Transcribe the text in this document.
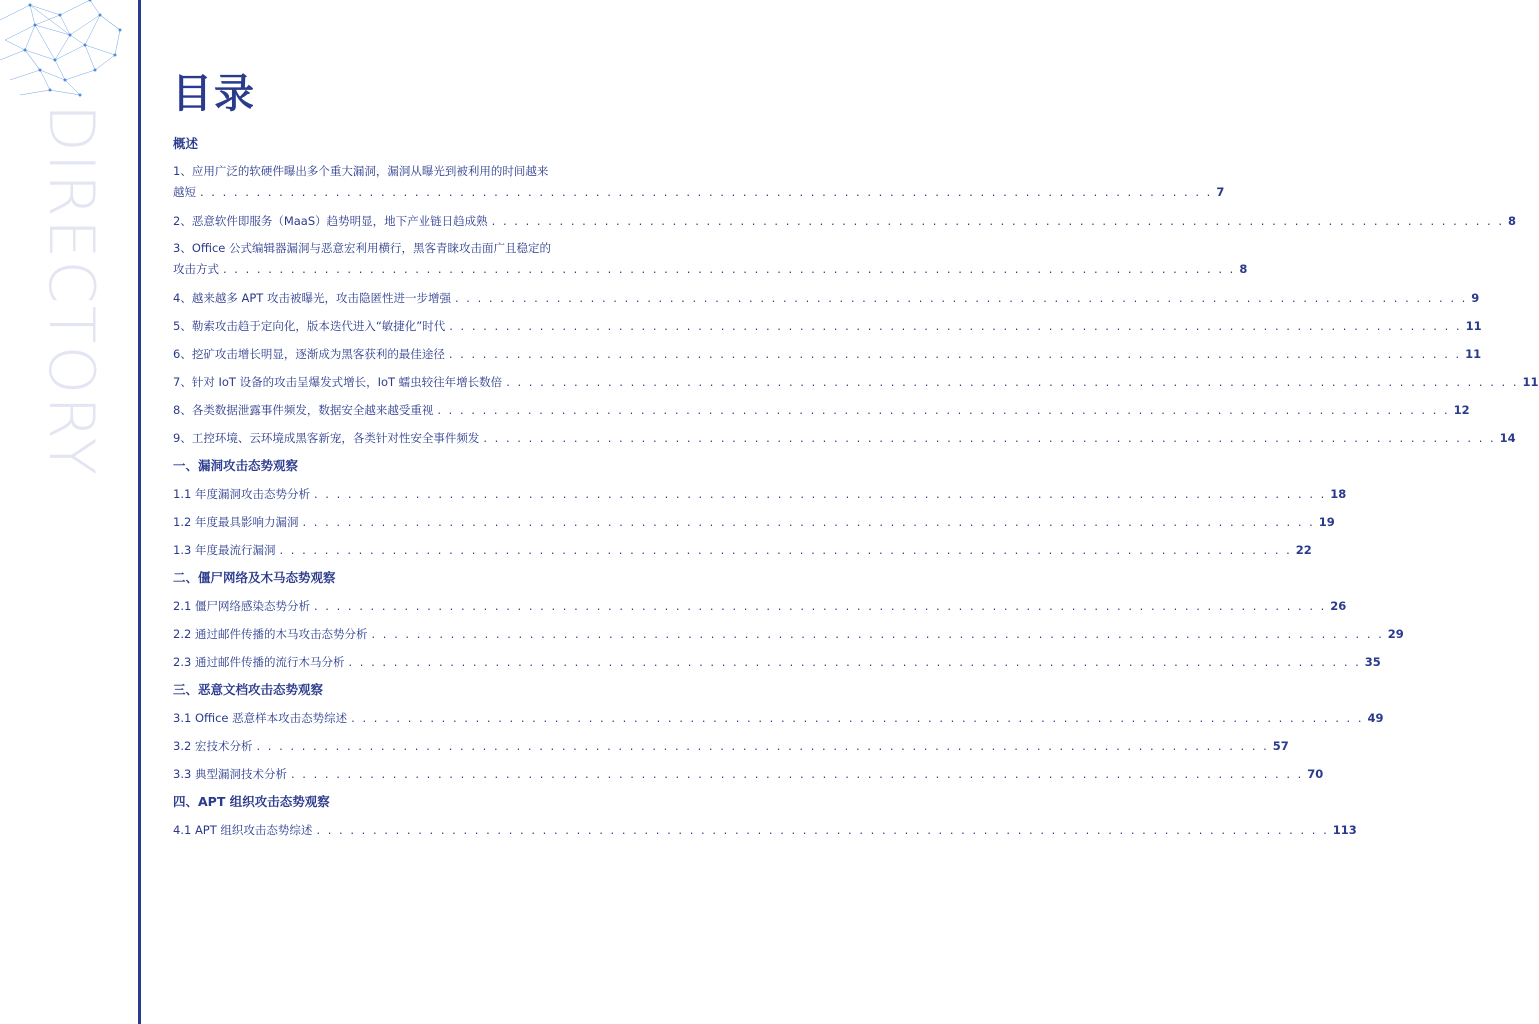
DIRECTORY
目录
概述
1、应用广泛的软硬件曝出多个重大漏洞，漏洞从曝光到被利用的时间越来
越短 . . . . . . . . . . . . . . . . . . . . . . . . . . . . . . . . . . . . . . . . . . . . . . . . . . . . . . . . . . . . . . . . . . . . . . . . . . . . . . . . . . . . . . . . . . 7
2、恶意软件即服务（MaaS）趋势明显，地下产业链日趋成熟 . . . . . . . . . . . . . . . . . . . . . . . . . . . . . . . . . . . . . . . . . . . . . . . . . . . . . . . . . . . . . . . . . . . . . . . . . . . . . . . . . . . . . . . . . . 8
3、Office 公式编辑器漏洞与恶意宏利用横行，黑客青睐攻击面广且稳定的
攻击方式 . . . . . . . . . . . . . . . . . . . . . . . . . . . . . . . . . . . . . . . . . . . . . . . . . . . . . . . . . . . . . . . . . . . . . . . . . . . . . . . . . . . . . . . . . . 8
4、越来越多 APT 攻击被曝光，攻击隐匿性进一步增强 . . . . . . . . . . . . . . . . . . . . . . . . . . . . . . . . . . . . . . . . . . . . . . . . . . . . . . . . . . . . . . . . . . . . . . . . . . . . . . . . . . . . . . . . . . 9
5、勒索攻击趋于定向化，版本迭代进入“敏捷化”时代 . . . . . . . . . . . . . . . . . . . . . . . . . . . . . . . . . . . . . . . . . . . . . . . . . . . . . . . . . . . . . . . . . . . . . . . . . . . . . . . . . . . . . . . . . . 11
6、挖矿攻击增长明显，逐渐成为黑客获利的最佳途径 . . . . . . . . . . . . . . . . . . . . . . . . . . . . . . . . . . . . . . . . . . . . . . . . . . . . . . . . . . . . . . . . . . . . . . . . . . . . . . . . . . . . . . . . . . 11
7、针对 IoT 设备的攻击呈爆发式增长，IoT 蠕虫较往年增长数倍 . . . . . . . . . . . . . . . . . . . . . . . . . . . . . . . . . . . . . . . . . . . . . . . . . . . . . . . . . . . . . . . . . . . . . . . . . . . . . . . . . . . . . . . . . . 11
8、各类数据泄露事件频发，数据安全越来越受重视 . . . . . . . . . . . . . . . . . . . . . . . . . . . . . . . . . . . . . . . . . . . . . . . . . . . . . . . . . . . . . . . . . . . . . . . . . . . . . . . . . . . . . . . . . . 12
9、工控环境、云环境成黑客新宠，各类针对性安全事件频发 . . . . . . . . . . . . . . . . . . . . . . . . . . . . . . . . . . . . . . . . . . . . . . . . . . . . . . . . . . . . . . . . . . . . . . . . . . . . . . . . . . . . . . . . . . 14
一、漏洞攻击态势观察
1.1 年度漏洞攻击态势分析 . . . . . . . . . . . . . . . . . . . . . . . . . . . . . . . . . . . . . . . . . . . . . . . . . . . . . . . . . . . . . . . . . . . . . . . . . . . . . . . . . . . . . . . . . . 18
1.2 年度最具影响力漏洞 . . . . . . . . . . . . . . . . . . . . . . . . . . . . . . . . . . . . . . . . . . . . . . . . . . . . . . . . . . . . . . . . . . . . . . . . . . . . . . . . . . . . . . . . . . 19
1.3 年度最流行漏洞 . . . . . . . . . . . . . . . . . . . . . . . . . . . . . . . . . . . . . . . . . . . . . . . . . . . . . . . . . . . . . . . . . . . . . . . . . . . . . . . . . . . . . . . . . . 22
二、僵尸网络及木马态势观察
2.1 僵尸网络感染态势分析 . . . . . . . . . . . . . . . . . . . . . . . . . . . . . . . . . . . . . . . . . . . . . . . . . . . . . . . . . . . . . . . . . . . . . . . . . . . . . . . . . . . . . . . . . . 26
2.2 通过邮件传播的木马攻击态势分析 . . . . . . . . . . . . . . . . . . . . . . . . . . . . . . . . . . . . . . . . . . . . . . . . . . . . . . . . . . . . . . . . . . . . . . . . . . . . . . . . . . . . . . . . . . 29
2.3 通过邮件传播的流行木马分析 . . . . . . . . . . . . . . . . . . . . . . . . . . . . . . . . . . . . . . . . . . . . . . . . . . . . . . . . . . . . . . . . . . . . . . . . . . . . . . . . . . . . . . . . . . 35
三、恶意文档攻击态势观察
3.1 Office 恶意样本攻击态势综述 . . . . . . . . . . . . . . . . . . . . . . . . . . . . . . . . . . . . . . . . . . . . . . . . . . . . . . . . . . . . . . . . . . . . . . . . . . . . . . . . . . . . . . . . . . 49
3.2 宏技术分析 . . . . . . . . . . . . . . . . . . . . . . . . . . . . . . . . . . . . . . . . . . . . . . . . . . . . . . . . . . . . . . . . . . . . . . . . . . . . . . . . . . . . . . . . . . 57
3.3 典型漏洞技术分析 . . . . . . . . . . . . . . . . . . . . . . . . . . . . . . . . . . . . . . . . . . . . . . . . . . . . . . . . . . . . . . . . . . . . . . . . . . . . . . . . . . . . . . . . . . 70
四、APT 组织攻击态势观察
4.1 APT 组织攻击态势综述 . . . . . . . . . . . . . . . . . . . . . . . . . . . . . . . . . . . . . . . . . . . . . . . . . . . . . . . . . . . . . . . . . . . . . . . . . . . . . . . . . . . . . . . . . . 113
